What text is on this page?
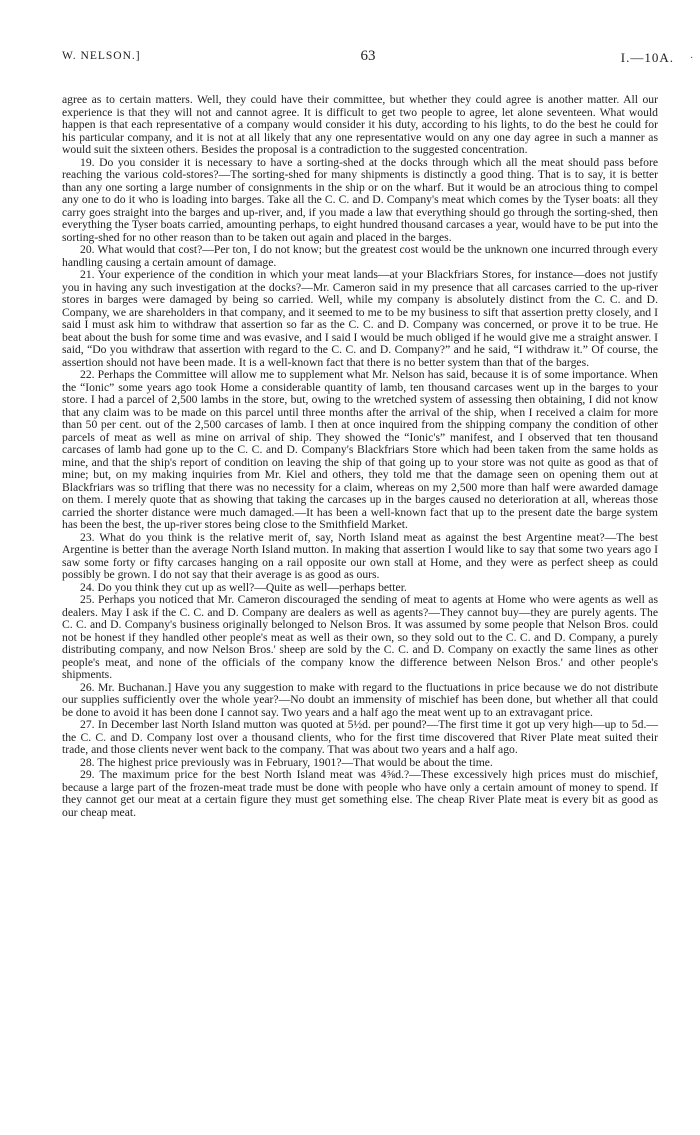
W. NELSON.]	63	I.—10A.

agree as to certain matters. Well, they could have their committee, but whether they could agree is another matter. All our experience is that they will not and cannot agree. It is difficult to get two people to agree, let alone seventeen. What would happen is that each representative of a company would consider it his duty, according to his lights, to do the best he could for his particular company, and it is not at all likely that any one representative would on any one day agree in such a manner as would suit the sixteen others. Besides the proposal is a contradiction to the suggested concentration.

19. Do you consider it is necessary to have a sorting-shed at the docks through which all the meat should pass before reaching the various cold-stores?—The sorting-shed for many shipments is distinctly a good thing. That is to say, it is better than any one sorting a large number of consignments in the ship or on the wharf. But it would be an atrocious thing to compel any one to do it who is loading into barges. Take all the C. C. and D. Company's meat which comes by the Tyser boats: all they carry goes straight into the barges and up-river, and, if you made a law that everything should go through the sorting-shed, then everything the Tyser boats carried, amounting perhaps, to eight hundred thousand carcases a year, would have to be put into the sorting-shed for no other reason than to be taken out again and placed in the barges.

20. What would that cost?—Per ton, I do not know; but the greatest cost would be the unknown one incurred through every handling causing a certain amount of damage.

21. Your experience of the condition in which your meat lands—at your Blackfriars Stores, for instance—does not justify you in having any such investigation at the docks?—Mr. Cameron said in my presence that all carcases carried to the up-river stores in barges were damaged by being so carried. Well, while my company is absolutely distinct from the C. C. and D. Company, we are shareholders in that company, and it seemed to me to be my business to sift that assertion pretty closely, and I said I must ask him to withdraw that assertion so far as the C. C. and D. Company was concerned, or prove it to be true. He beat about the bush for some time and was evasive, and I said I would be much obliged if he would give me a straight answer. I said, “Do you withdraw that assertion with regard to the C. C. and D. Company?” and he said, “I withdraw it.” Of course, the assertion should not have been made. It is a well-known fact that there is no better system than that of the barges.

22. Perhaps the Committee will allow me to supplement what Mr. Nelson has said, because it is of some importance. When the “Ionic” some years ago took Home a considerable quantity of lamb, ten thousand carcases went up in the barges to your store. I had a parcel of 2,500 lambs in the store, but, owing to the wretched system of assessing then obtaining, I did not know that any claim was to be made on this parcel until three months after the arrival of the ship, when I received a claim for more than 50 per cent. out of the 2,500 carcases of lamb. I then at once inquired from the shipping company the condition of other parcels of meat as well as mine on arrival of ship. They showed the “Ionic's” manifest, and I observed that ten thousand carcases of lamb had gone up to the C. C. and D. Company's Blackfriars Store which had been taken from the same holds as mine, and that the ship's report of condition on leaving the ship of that going up to your store was not quite as good as that of mine; but, on my making inquiries from Mr. Kiel and others, they told me that the damage seen on opening them out at Blackfriars was so trifling that there was no necessity for a claim, whereas on my 2,500 more than half were awarded damage on them. I merely quote that as showing that taking the carcases up in the barges caused no deterioration at all, whereas those carried the shorter distance were much damaged.—It has been a well-known fact that up to the present date the barge system has been the best, the up-river stores being close to the Smithfield Market.

23. What do you think is the relative merit of, say, North Island meat as against the best Argentine meat?—The best Argentine is better than the average North Island mutton. In making that assertion I would like to say that some two years ago I saw some forty or fifty carcases hanging on a rail opposite our own stall at Home, and they were as perfect sheep as could possibly be grown. I do not say that their average is as good as ours.

24. Do you think they cut up as well?—Quite as well—perhaps better.

25. Perhaps you noticed that Mr. Cameron discouraged the sending of meat to agents at Home who were agents as well as dealers. May I ask if the C. C. and D. Company are dealers as well as agents?—They cannot buy—they are purely agents. The C. C. and D. Company's business originally belonged to Nelson Bros. It was assumed by some people that Nelson Bros. could not be honest if they handled other people's meat as well as their own, so they sold out to the C. C. and D. Company, a purely distributing company, and now Nelson Bros.' sheep are sold by the C. C. and D. Company on exactly the same lines as other people's meat, and none of the officials of the company know the difference between Nelson Bros.' and other people's shipments.

26. Mr. Buchanan.] Have you any suggestion to make with regard to the fluctuations in price because we do not distribute our supplies sufficiently over the whole year?—No doubt an immensity of mischief has been done, but whether all that could be done to avoid it has been done I cannot say. Two years and a half ago the meat went up to an extravagant price.

27. In December last North Island mutton was quoted at 5½d. per pound?—The first time it got up very high—up to 5d.—the C. C. and D. Company lost over a thousand clients, who for the first time discovered that River Plate meat suited their trade, and those clients never went back to the company. That was about two years and a half ago.

28. The highest price previously was in February, 1901?—That would be about the time.

29. The maximum price for the best North Island meat was 4⅝d.?—These excessively high prices must do mischief, because a large part of the frozen-meat trade must be done with people who have only a certain amount of money to spend. If they cannot get our meat at a certain figure they must get something else. The cheap River Plate meat is every bit as good as our cheap meat.

·
